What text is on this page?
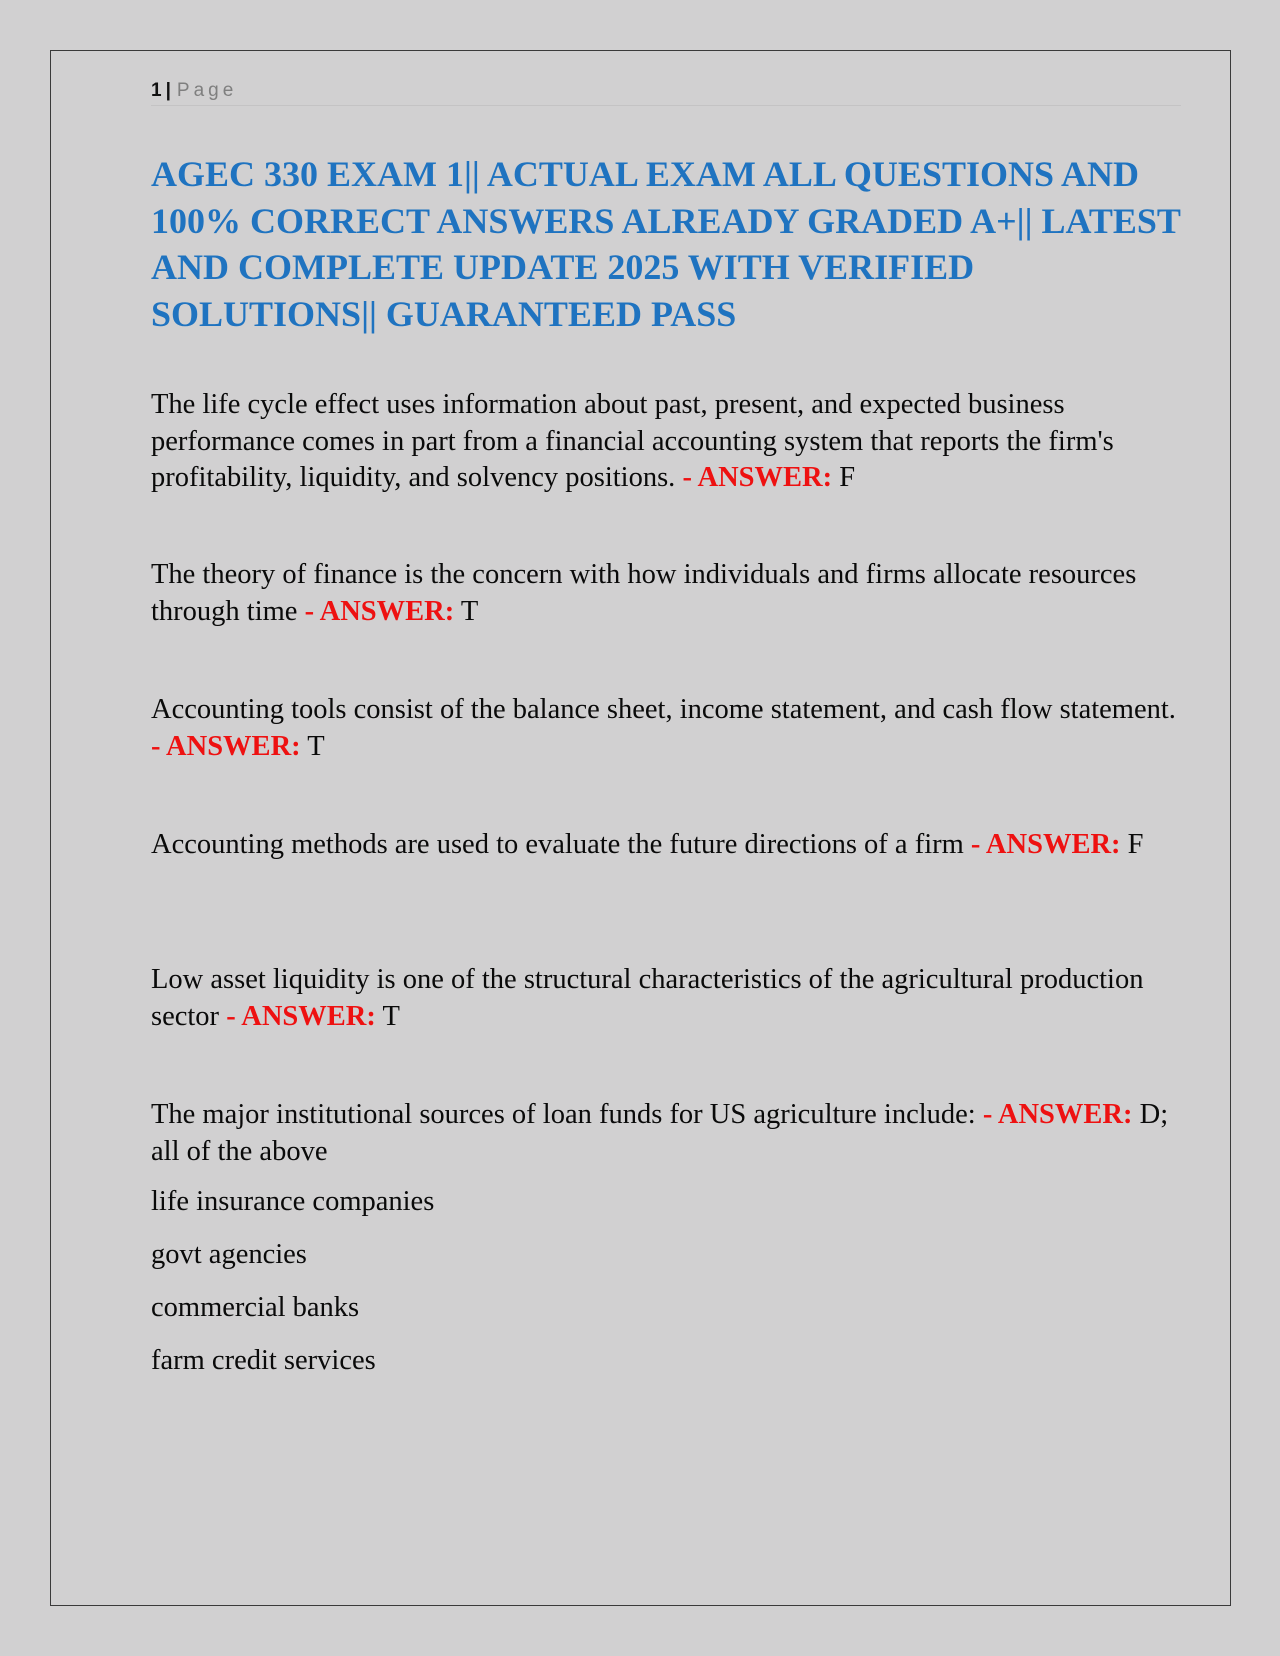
1 | Page
AGEC 330 EXAM 1|| ACTUAL EXAM ALL QUESTIONS AND 100% CORRECT ANSWERS ALREADY GRADED A+|| LATEST AND COMPLETE UPDATE 2025 WITH VERIFIED SOLUTIONS|| GUARANTEED PASS

The life cycle effect uses information about past, present, and expected business performance comes in part from a financial accounting system that reports the firm's profitability, liquidity, and solvency positions. - ANSWER: F

The theory of finance is the concern with how individuals and firms allocate resources through time - ANSWER: T

Accounting tools consist of the balance sheet, income statement, and cash flow statement. - ANSWER: T

Accounting methods are used to evaluate the future directions of a firm - ANSWER: F

Low asset liquidity is one of the structural characteristics of the agricultural production sector - ANSWER: T

The major institutional sources of loan funds for US agriculture include: - ANSWER: D; all of the above

life insurance companies

govt agencies

commercial banks

farm credit services
